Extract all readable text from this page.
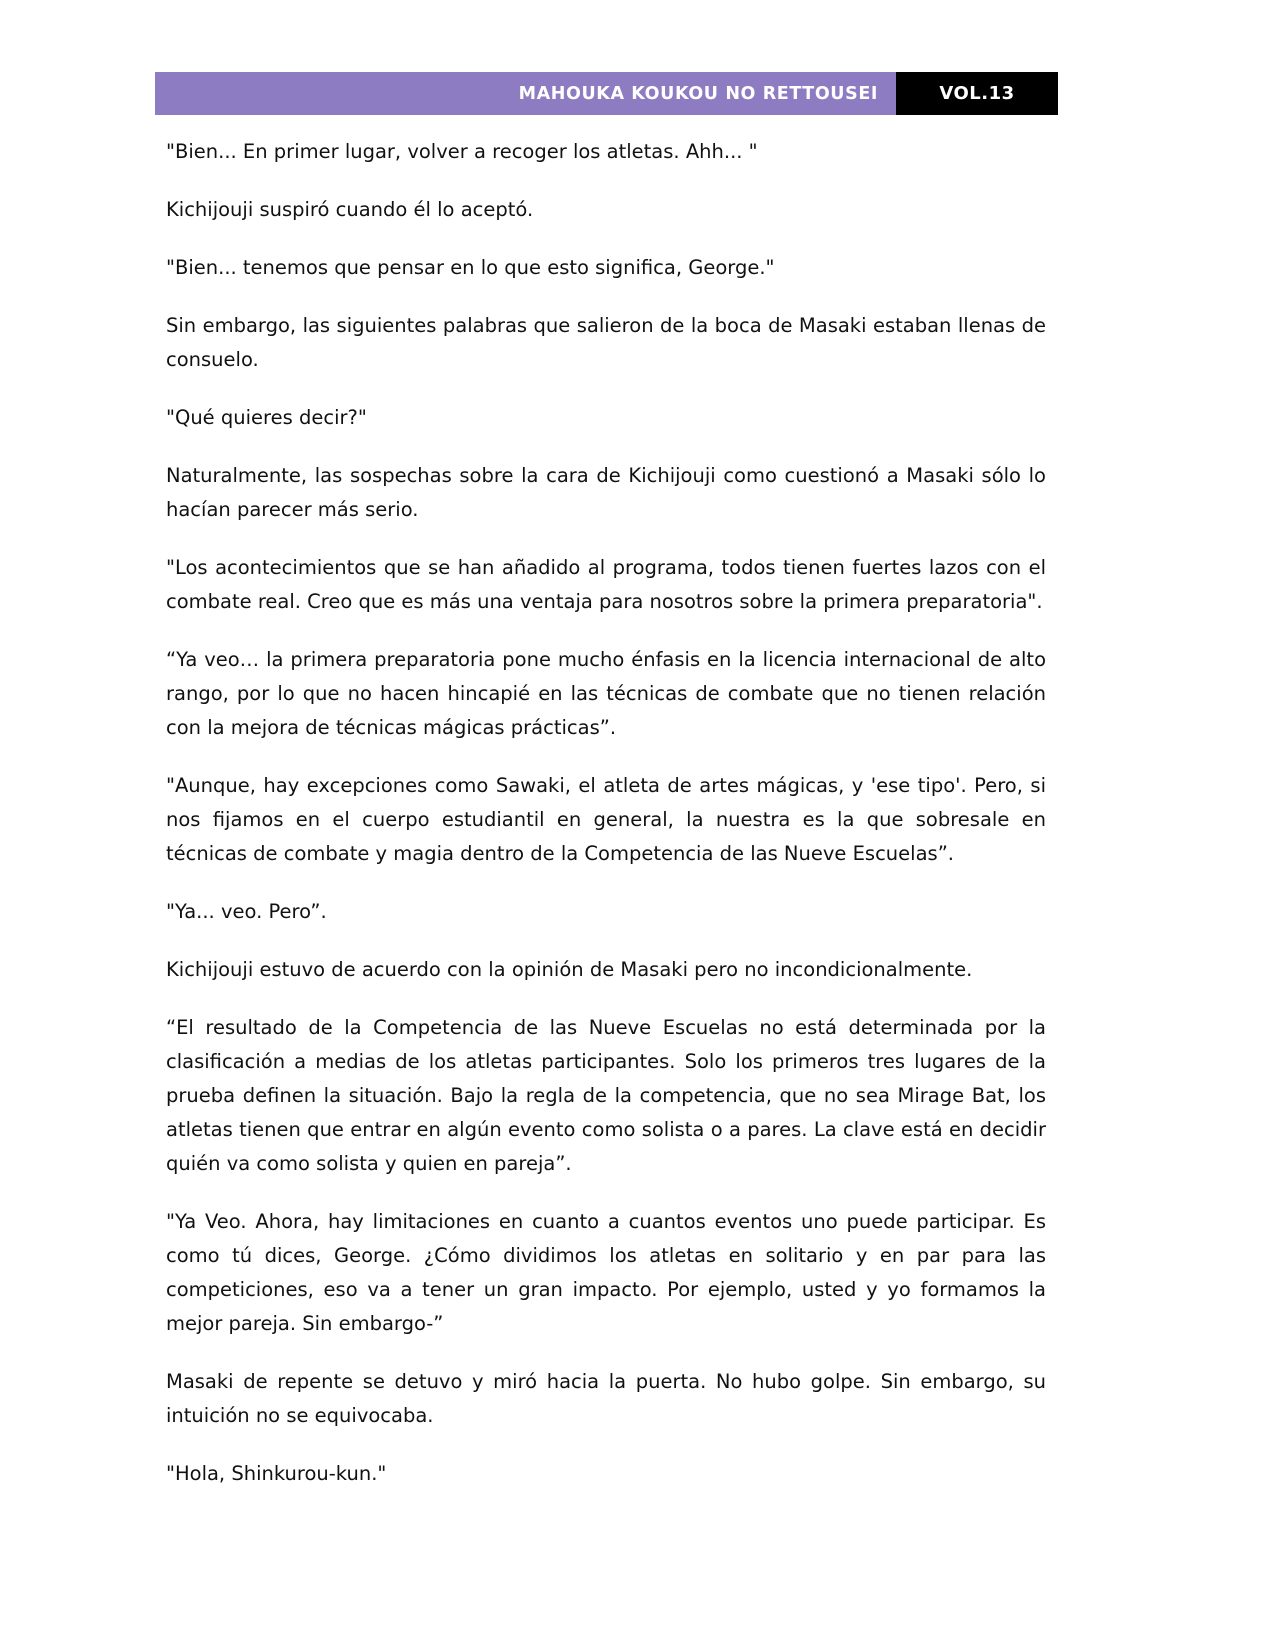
MAHOUKA KOUKOU NO RETTOUSEI	VOL.13

"Bien... En primer lugar, volver a recoger los atletas. Ahh... "

Kichijouji suspiró cuando él lo aceptó.

"Bien... tenemos que pensar en lo que esto significa, George."

Sin embargo, las siguientes palabras que salieron de la boca de Masaki estaban llenas de consuelo.

"Qué quieres decir?"

Naturalmente, las sospechas sobre la cara de Kichijouji como cuestionó a Masaki sólo lo hacían parecer más serio.

"Los acontecimientos que se han añadido al programa, todos tienen fuertes lazos con el combate real. Creo que es más una ventaja para nosotros sobre la primera preparatoria".

“Ya veo… la primera preparatoria pone mucho énfasis en la licencia internacional de alto rango, por lo que no hacen hincapié en las técnicas de combate que no tienen relación con la mejora de técnicas mágicas prácticas”.

"Aunque, hay excepciones como Sawaki, el atleta de artes mágicas, y 'ese tipo'. Pero, si nos fijamos en el cuerpo estudiantil en general, la nuestra es la que sobresale en técnicas de combate y magia dentro de la Competencia de las Nueve Escuelas”.

"Ya... veo. Pero”.

Kichijouji estuvo de acuerdo con la opinión de Masaki pero no incondicionalmente.

“El resultado de la Competencia de las Nueve Escuelas no está determinada por la clasificación a medias de los atletas participantes. Solo los primeros tres lugares de la prueba definen la situación. Bajo la regla de la competencia, que no sea Mirage Bat, los atletas tienen que entrar en algún evento como solista o a pares. La clave está en decidir quién va como solista y quien en pareja”.

"Ya Veo. Ahora, hay limitaciones en cuanto a cuantos eventos uno puede participar. Es como tú dices, George. ¿Cómo dividimos los atletas en solitario y en par para las competiciones, eso va a tener un gran impacto. Por ejemplo, usted y yo formamos la mejor pareja. Sin embargo-”

Masaki de repente se detuvo y miró hacia la puerta. No hubo golpe. Sin embargo, su intuición no se equivocaba.

"Hola, Shinkurou-kun."
